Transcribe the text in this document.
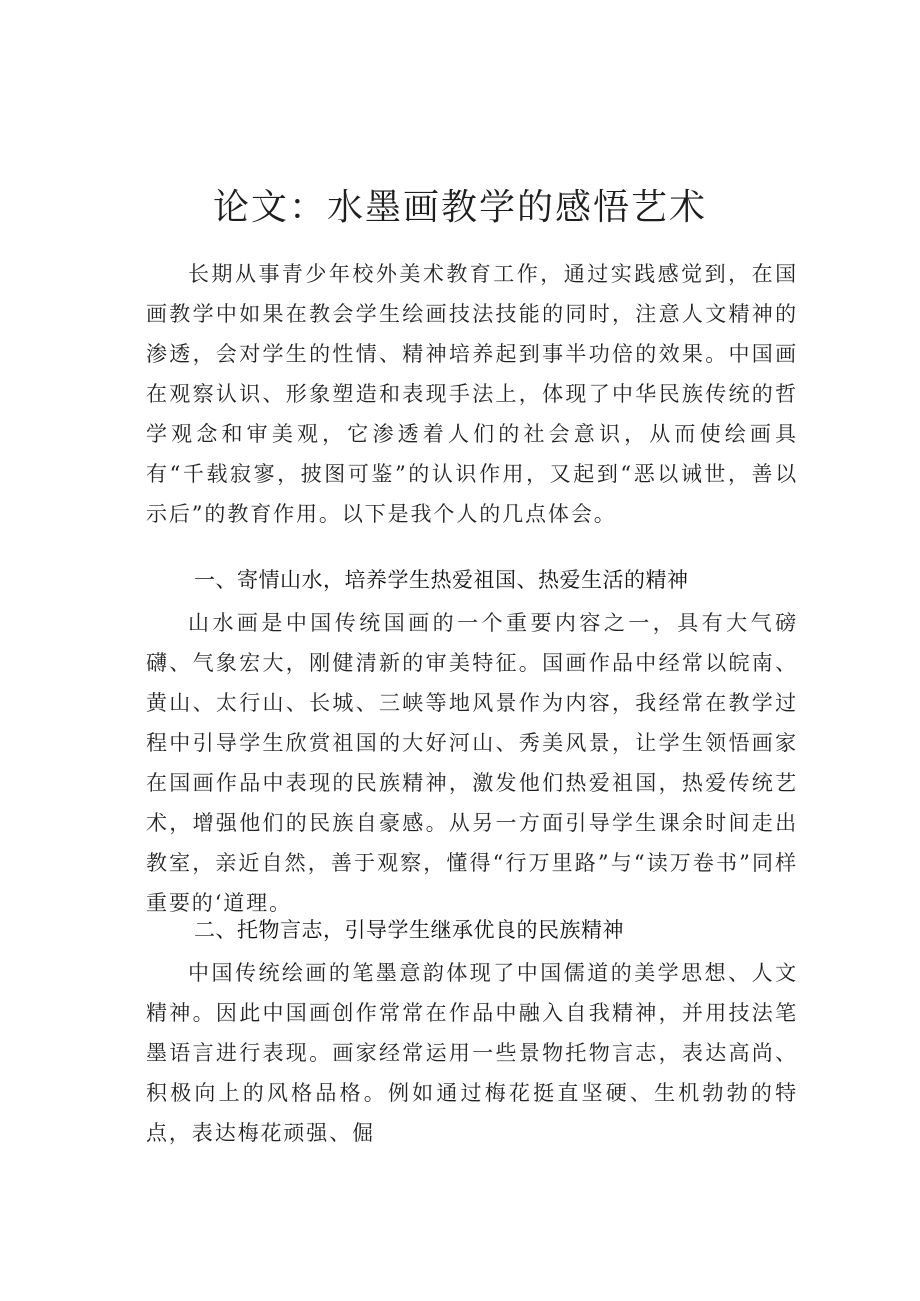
论文：水墨画教学的感悟艺术

长期从事青少年校外美术教育工作，通过实践感觉到，在国画教学中如果在教会学生绘画技法技能的同时，注意人文精神的渗透，会对学生的性情、精神培养起到事半功倍的效果。中国画在观察认识、形象塑造和表现手法上，体现了中华民族传统的哲学观念和审美观，它渗透着人们的社会意识，从而使绘画具有“千载寂寥，披图可鉴”的认识作用，又起到“恶以诫世，善以示后”的教育作用。以下是我个人的几点体会。

一、寄情山水，培养学生热爱祖国、热爱生活的精神

山水画是中国传统国画的一个重要内容之一，具有大气磅礴、气象宏大，刚健清新的审美特征。国画作品中经常以皖南、黄山、太行山、长城、三峡等地风景作为内容，我经常在教学过程中引导学生欣赏祖国的大好河山、秀美风景，让学生领悟画家在国画作品中表现的民族精神，激发他们热爱祖国，热爱传统艺术，增强他们的民族自豪感。从另一方面引导学生课余时间走出教室，亲近自然，善于观察，懂得“行万里路”与“读万卷书”同样重要的‘道理。

二、托物言志，引导学生继承优良的民族精神

中国传统绘画的笔墨意韵体现了中国儒道的美学思想、人文精神。因此中国画创作常常在作品中融入自我精神，并用技法笔墨语言进行表现。画家经常运用一些景物托物言志，表达高尚、积极向上的风格品格。例如通过梅花挺直坚硬、生机勃勃的特点，表达梅花顽强、倔
